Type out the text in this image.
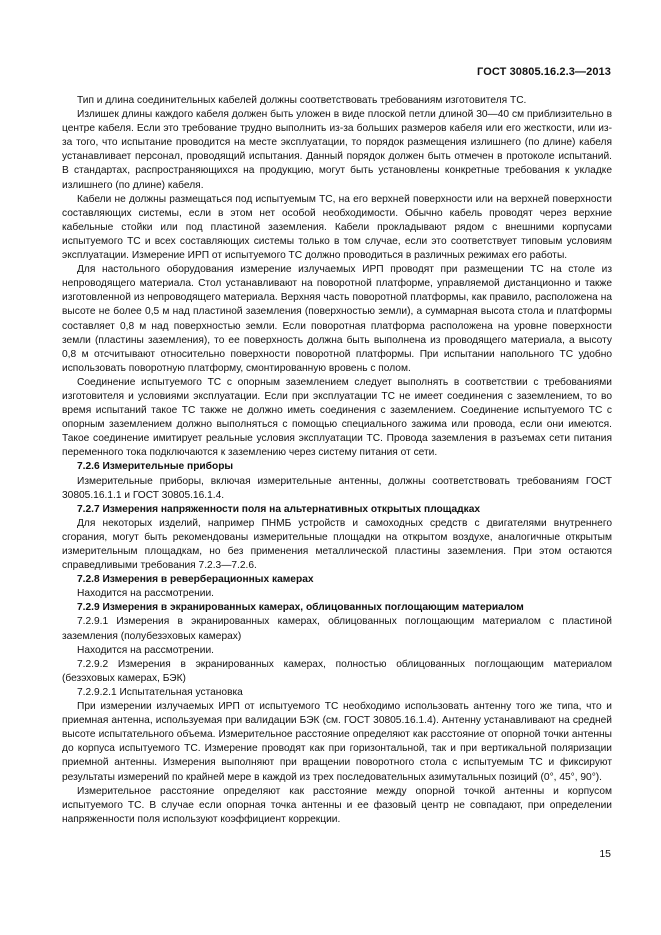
ГОСТ 30805.16.2.3—2013

Тип и длина соединительных кабелей должны соответствовать требованиям изготовителя ТС.

Излишек длины каждого кабеля должен быть уложен в виде плоской петли длиной 30—40 см приблизительно в центре кабеля. Если это требование трудно выполнить из-за больших размеров кабеля или его жесткости, или из-за того, что испытание проводится на месте эксплуатации, то порядок размещения излишнего (по длине) кабеля устанавливает персонал, проводящий испытания. Данный порядок должен быть отмечен в протоколе испытаний. В стандартах, распространяющихся на продукцию, могут быть установлены конкретные требования к укладке излишнего (по длине) кабеля.

Кабели не должны размещаться под испытуемым ТС, на его верхней поверхности или на верхней поверхности составляющих системы, если в этом нет особой необходимости. Обычно кабель проводят через верхние кабельные стойки или под пластиной заземления. Кабели прокладывают рядом с внешними корпусами испытуемого ТС и всех составляющих системы только в том случае, если это соответствует типовым условиям эксплуатации. Измерение ИРП от испытуемого ТС должно проводиться в различных режимах его работы.

Для настольного оборудования измерение излучаемых ИРП проводят при размещении ТС на столе из непроводящего материала. Стол устанавливают на поворотной платформе, управляемой дистанционно и также изготовленной из непроводящего материала. Верхняя часть поворотной платформы, как правило, расположена на высоте не более 0,5 м над пластиной заземления (поверхностью земли), а суммарная высота стола и платформы составляет 0,8 м над поверхностью земли. Если поворотная платформа расположена на уровне поверхности земли (пластины заземления), то ее поверхность должна быть выполнена из проводящего материала, а высоту 0,8 м отсчитывают относительно поверхности поворотной платформы. При испытании напольного ТС удобно использовать поворотную платформу, смонтированную вровень с полом.

Соединение испытуемого ТС с опорным заземлением следует выполнять в соответствии с требованиями изготовителя и условиями эксплуатации. Если при эксплуатации ТС не имеет соединения с заземлением, то во время испытаний такое ТС также не должно иметь соединения с заземлением. Соединение испытуемого ТС с опорным заземлением должно выполняться с помощью специального зажима или провода, если они имеются. Такое соединение имитирует реальные условия эксплуатации ТС. Провода заземления в разъемах сети питания переменного тока подключаются к заземлению через систему питания от сети.

7.2.6 Измерительные приборы

Измерительные приборы, включая измерительные антенны, должны соответствовать требованиям ГОСТ 30805.16.1.1 и ГОСТ 30805.16.1.4.

7.2.7 Измерения напряженности поля на альтернативных открытых площадках

Для некоторых изделий, например ПНМБ устройств и самоходных средств с двигателями внутреннего сгорания, могут быть рекомендованы измерительные площадки на открытом воздухе, аналогичные открытым измерительным площадкам, но без применения металлической пластины заземления. При этом остаются справедливыми требования 7.2.3—7.2.6.

7.2.8 Измерения в реверберационных камерах

Находится на рассмотрении.

7.2.9 Измерения в экранированных камерах, облицованных поглощающим материалом

7.2.9.1 Измерения в экранированных камерах, облицованных поглощающим материалом с пластиной заземления (полубезэховых камерах)

Находится на рассмотрении.

7.2.9.2 Измерения в экранированных камерах, полностью облицованных поглощающим материалом (безэховых камерах, БЭК)

7.2.9.2.1 Испытательная установка

При измерении излучаемых ИРП от испытуемого ТС необходимо использовать антенну того же типа, что и приемная антенна, используемая при валидации БЭК (см. ГОСТ 30805.16.1.4). Антенну устанавливают на средней высоте испытательного объема. Измерительное расстояние определяют как расстояние от опорной точки антенны до корпуса испытуемого ТС. Измерение проводят как при горизонтальной, так и при вертикальной поляризации приемной антенны. Измерения выполняют при вращении поворотного стола с испытуемым ТС и фиксируют результаты измерений по крайней мере в каждой из трех последовательных азимутальных позиций (0°, 45°, 90°).

Измерительное расстояние определяют как расстояние между опорной точкой антенны и корпусом испытуемого ТС. В случае если опорная точка антенны и ее фазовый центр не совпадают, при определении напряженности поля используют коэффициент коррекции.

15
